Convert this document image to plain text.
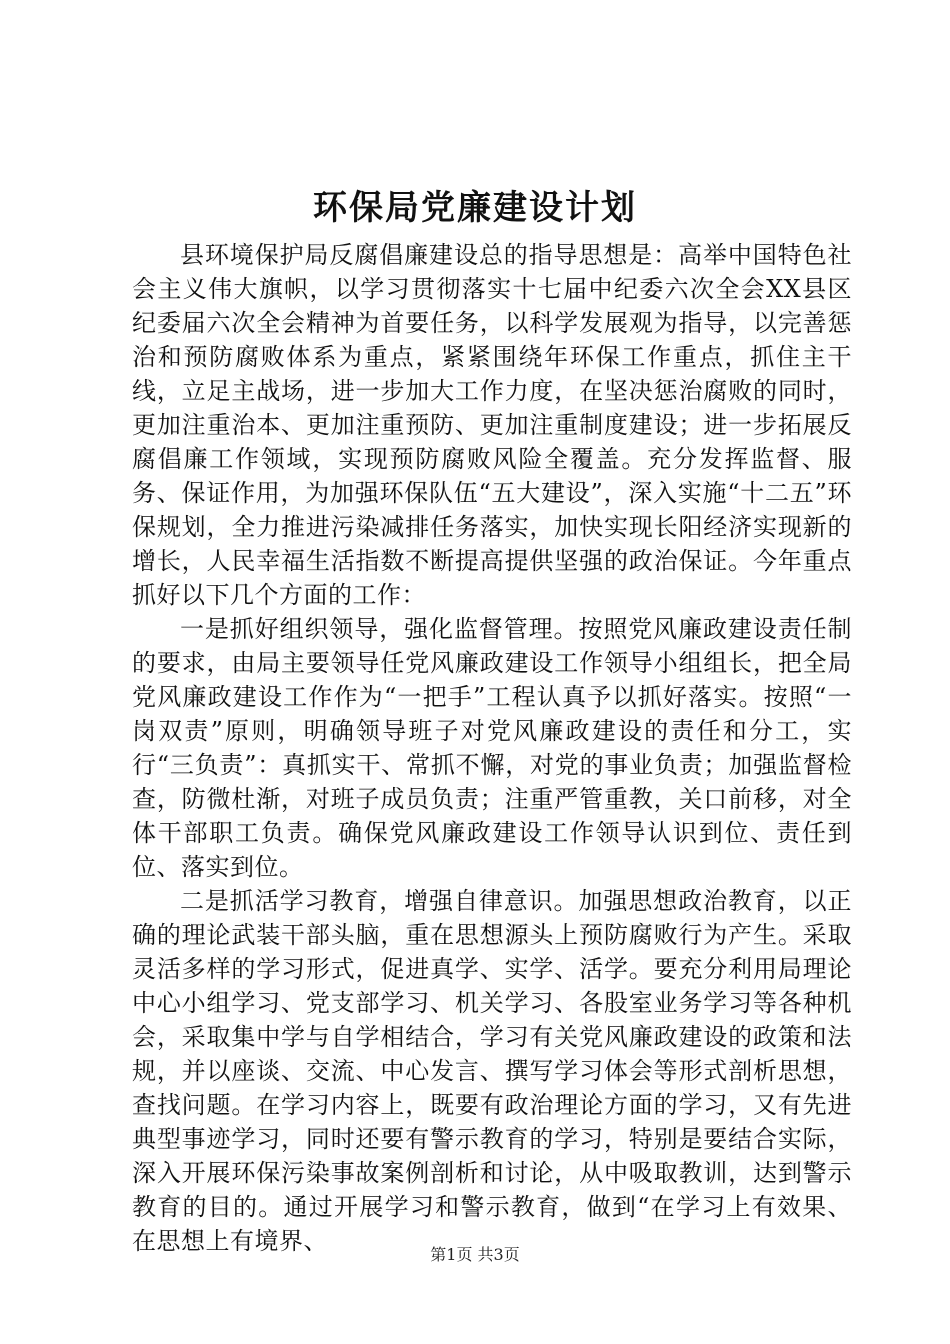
环保局党廉建设计划

县环境保护局反腐倡廉建设总的指导思想是：高举中国特色社会主义伟大旗帜，以学习贯彻落实十七届中纪委六次全会XX县区纪委届六次全会精神为首要任务，以科学发展观为指导，以完善惩治和预防腐败体系为重点，紧紧围绕年环保工作重点，抓住主干线，立足主战场，进一步加大工作力度，在坚决惩治腐败的同时，更加注重治本、更加注重预防、更加注重制度建设；进一步拓展反腐倡廉工作领域，实现预防腐败风险全覆盖。充分发挥监督、服务、保证作用，为加强环保队伍“五大建设”，深入实施“十二五”环保规划，全力推进污染减排任务落实，加快实现长阳经济实现新的增长，人民幸福生活指数不断提高提供坚强的政治保证。今年重点抓好以下几个方面的工作：

一是抓好组织领导，强化监督管理。按照党风廉政建设责任制的要求，由局主要领导任党风廉政建设工作领导小组组长，把全局党风廉政建设工作作为“一把手”工程认真予以抓好落实。按照“一岗双责”原则，明确领导班子对党风廉政建设的责任和分工，实行“三负责”：真抓实干、常抓不懈，对党的事业负责；加强监督检查，防微杜渐，对班子成员负责；注重严管重教，关口前移，对全体干部职工负责。确保党风廉政建设工作领导认识到位、责任到位、落实到位。

二是抓活学习教育，增强自律意识。加强思想政治教育，以正确的理论武装干部头脑，重在思想源头上预防腐败行为产生。采取灵活多样的学习形式，促进真学、实学、活学。要充分利用局理论中心小组学习、党支部学习、机关学习、各股室业务学习等各种机会，采取集中学与自学相结合，学习有关党风廉政建设的政策和法规，并以座谈、交流、中心发言、撰写学习体会等形式剖析思想，查找问题。在学习内容上，既要有政治理论方面的学习，又有先进典型事迹学习，同时还要有警示教育的学习，特别是要结合实际，深入开展环保污染事故案例剖析和讨论，从中吸取教训，达到警示教育的目的。通过开展学习和警示教育，做到“在学习上有效果、在思想上有境界、	第1页 共3页
